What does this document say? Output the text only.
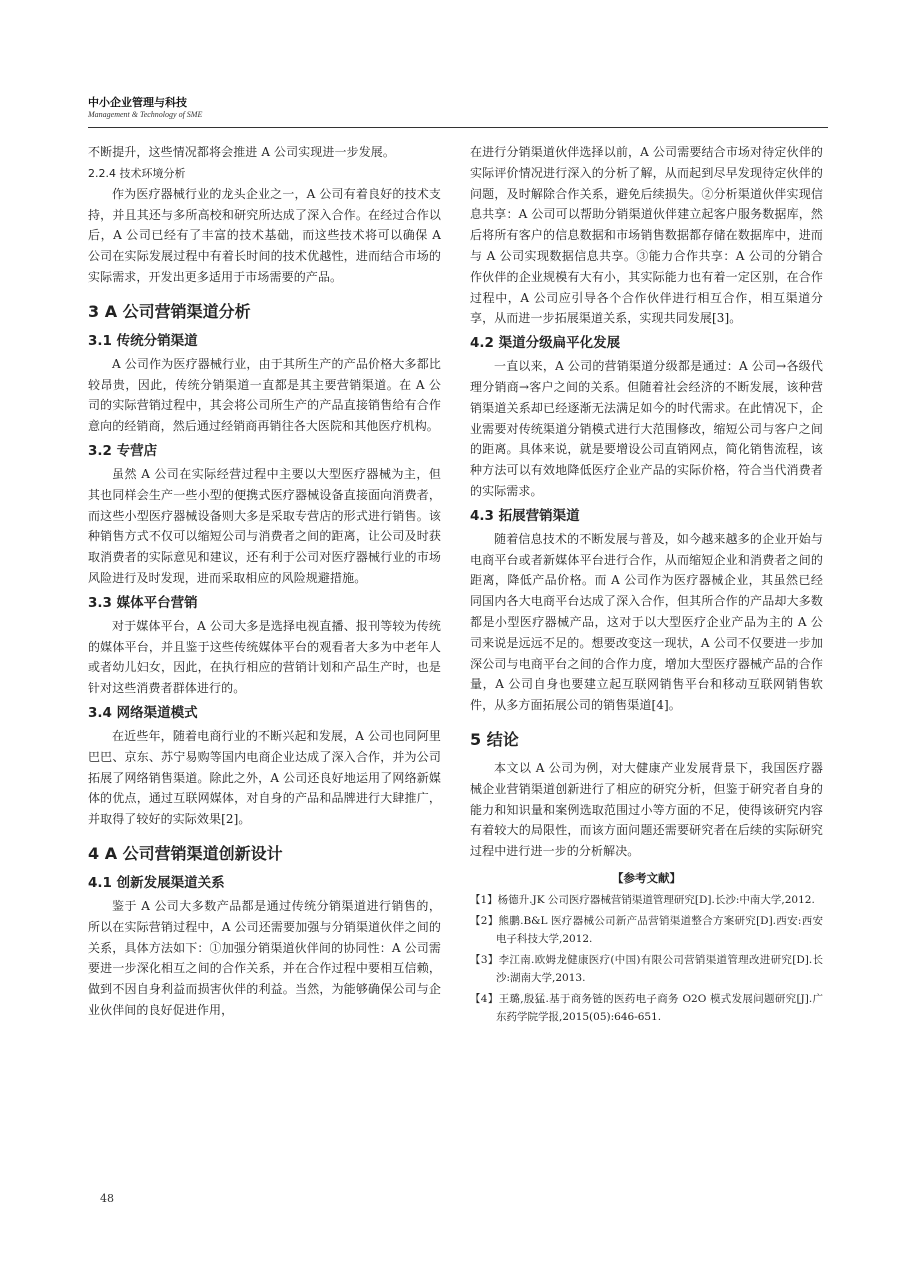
中小企业管理与科技
Management & Technology of SME

不断提升，这些情况都将会推进 A 公司实现进一步发展。

2.2.4 技术环境分析

作为医疗器械行业的龙头企业之一，A 公司有着良好的技术支持，并且其还与多所高校和研究所达成了深入合作。在经过合作以后，A 公司已经有了丰富的技术基础，而这些技术将可以确保 A 公司在实际发展过程中有着长时间的技术优越性，进而结合市场的实际需求，开发出更多适用于市场需要的产品。

3 A 公司营销渠道分析
3.1 传统分销渠道

A 公司作为医疗器械行业，由于其所生产的产品价格大多都比较昂贵，因此，传统分销渠道一直都是其主要营销渠道。在 A 公司的实际营销过程中，其会将公司所生产的产品直接销售给有合作意向的经销商，然后通过经销商再销往各大医院和其他医疗机构。

3.2 专营店

虽然 A 公司在实际经营过程中主要以大型医疗器械为主，但其也同样会生产一些小型的便携式医疗器械设备直接面向消费者，而这些小型医疗器械设备则大多是采取专营店的形式进行销售。该种销售方式不仅可以缩短公司与消费者之间的距离，让公司及时获取消费者的实际意见和建议，还有利于公司对医疗器械行业的市场风险进行及时发现，进而采取相应的风险规避措施。

3.3 媒体平台营销

对于媒体平台，A 公司大多是选择电视直播、报刊等较为传统的媒体平台，并且鉴于这些传统媒体平台的观看者大多为中老年人或者幼儿妇女，因此，在执行相应的营销计划和产品生产时，也是针对这些消费者群体进行的。

3.4 网络渠道模式

在近些年，随着电商行业的不断兴起和发展，A 公司也同阿里巴巴、京东、苏宁易购等国内电商企业达成了深入合作，并为公司拓展了网络销售渠道。除此之外，A 公司还良好地运用了网络新媒体的优点，通过互联网媒体，对自身的产品和品牌进行大肆推广，并取得了较好的实际效果[2]。

4 A 公司营销渠道创新设计
4.1 创新发展渠道关系

鉴于 A 公司大多数产品都是通过传统分销渠道进行销售的，所以在实际营销过程中，A 公司还需要加强与分销渠道伙伴之间的关系，具体方法如下：①加强分销渠道伙伴间的协同性：A 公司需要进一步深化相互之间的合作关系，并在合作过程中要相互信赖，做到不因自身利益而损害伙伴的利益。当然，为能够确保公司与企业伙伴间的良好促进作用，

在进行分销渠道伙伴选择以前，A 公司需要结合市场对待定伙伴的实际评价情况进行深入的分析了解，从而起到尽早发现待定伙伴的问题，及时解除合作关系，避免后续损失。②分析渠道伙伴实现信息共享：A 公司可以帮助分销渠道伙伴建立起客户服务数据库，然后将所有客户的信息数据和市场销售数据都存储在数据库中，进而与 A 公司实现数据信息共享。③能力合作共享：A 公司的分销合作伙伴的企业规模有大有小，其实际能力也有着一定区别，在合作过程中，A 公司应引导各个合作伙伴进行相互合作，相互渠道分享，从而进一步拓展渠道关系，实现共同发展[3]。

4.2 渠道分级扁平化发展

一直以来，A 公司的营销渠道分级都是通过：A 公司→各级代理分销商→客户之间的关系。但随着社会经济的不断发展，该种营销渠道关系却已经逐渐无法满足如今的时代需求。在此情况下，企业需要对传统渠道分销模式进行大范围修改，缩短公司与客户之间的距离。具体来说，就是要增设公司直销网点，简化销售流程，该种方法可以有效地降低医疗企业产品的实际价格，符合当代消费者的实际需求。

4.3 拓展营销渠道

随着信息技术的不断发展与普及，如今越来越多的企业开始与电商平台或者新媒体平台进行合作，从而缩短企业和消费者之间的距离，降低产品价格。而 A 公司作为医疗器械企业，其虽然已经同国内各大电商平台达成了深入合作，但其所合作的产品却大多数都是小型医疗器械产品，这对于以大型医疗企业产品为主的 A 公司来说是远远不足的。想要改变这一现状，A 公司不仅要进一步加深公司与电商平台之间的合作力度，增加大型医疗器械产品的合作量，A 公司自身也要建立起互联网销售平台和移动互联网销售软件，从多方面拓展公司的销售渠道[4]。

5 结论

本文以 A 公司为例，对大健康产业发展背景下，我国医疗器械企业营销渠道创新进行了相应的研究分析，但鉴于研究者自身的能力和知识量和案例选取范围过小等方面的不足，使得该研究内容有着较大的局限性，而该方面问题还需要研究者在后续的实际研究过程中进行进一步的分析解决。

【参考文献】

【1】杨德升.JK 公司医疗器械营销渠道管理研究[D].长沙:中南大学,2012.

【2】熊鹏.B&L 医疗器械公司新产品营销渠道整合方案研究[D].西安:西安电子科技大学,2012.

【3】李江南.欧姆龙健康医疗(中国)有限公司营销渠道管理改进研究[D].长沙:湖南大学,2013.

【4】王璐,殷猛.基于商务链的医药电子商务 O2O 模式发展问题研究[J].广东药学院学报,2015(05):646-651.

48
